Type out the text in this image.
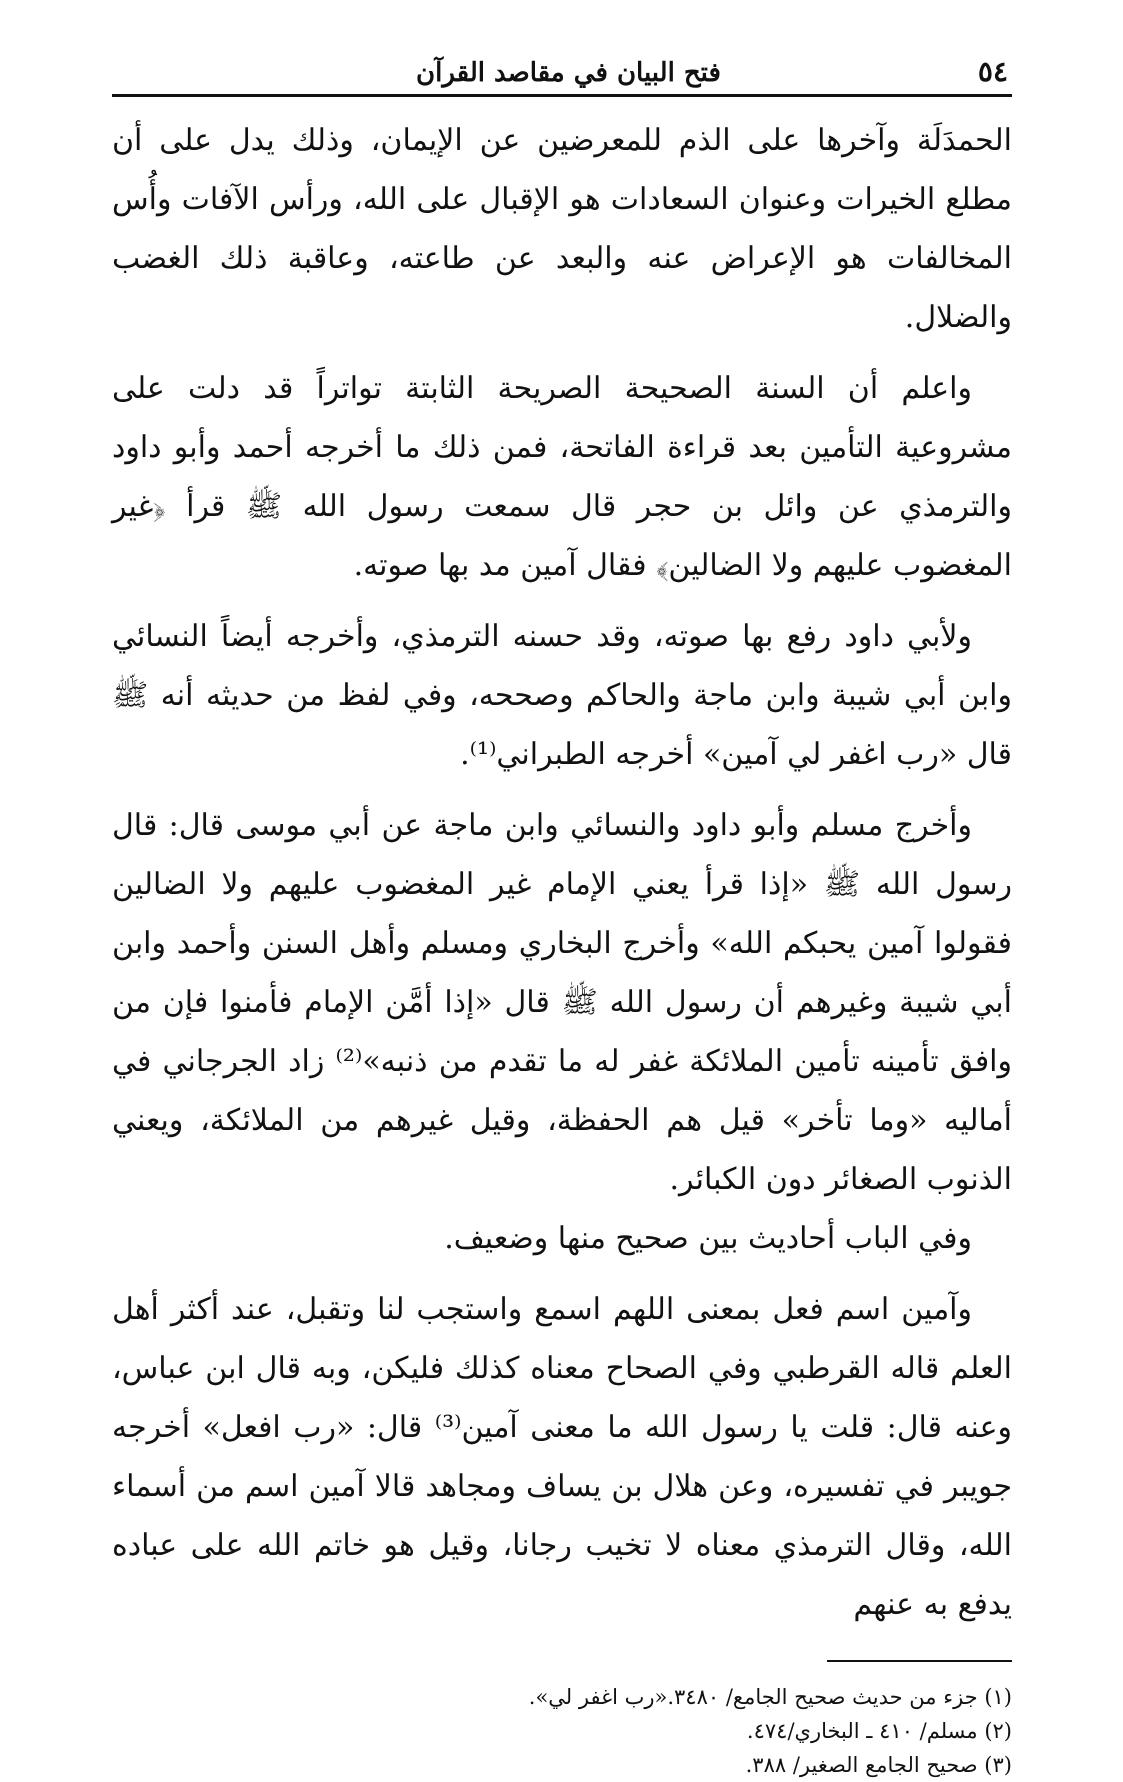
٥٤
فتح البيان في مقاصد القرآن

الحمدَلَة وآخرها على الذم للمعرضين عن الإيمان، وذلك يدل على أن مطلع الخيرات وعنوان السعادات هو الإقبال على الله، ورأس الآفات وأُس المخالفات هو الإعراض عنه والبعد عن طاعته، وعاقبة ذلك الغضب والضلال.

واعلم أن السنة الصحيحة الصريحة الثابتة تواتراً قد دلت على مشروعية التأمين بعد قراءة الفاتحة، فمن ذلك ما أخرجه أحمد وأبو داود والترمذي عن وائل بن حجر قال سمعت رسول الله ﷺ قرأ ﴿غير المغضوب عليهم ولا الضالين﴾ فقال آمين مد بها صوته.

ولأبي داود رفع بها صوته، وقد حسنه الترمذي، وأخرجه أيضاً النسائي وابن أبي شيبة وابن ماجة والحاكم وصححه، وفي لفظ من حديثه أنه ﷺ قال «رب اغفر لي آمين» أخرجه الطبراني⁽¹⁾.

وأخرج مسلم وأبو داود والنسائي وابن ماجة عن أبي موسى قال: قال رسول الله ﷺ «إذا قرأ يعني الإمام غير المغضوب عليهم ولا الضالين فقولوا آمين يحبكم الله» وأخرج البخاري ومسلم وأهل السنن وأحمد وابن أبي شيبة وغيرهم أن رسول الله ﷺ قال «إذا أمَّن الإمام فأمنوا فإن من وافق تأمينه تأمين الملائكة غفر له ما تقدم من ذنبه»⁽²⁾ زاد الجرجاني في أماليه «وما تأخر» قيل هم الحفظة، وقيل غيرهم من الملائكة، ويعني الذنوب الصغائر دون الكبائر.

وفي الباب أحاديث بين صحيح منها وضعيف.

وآمين اسم فعل بمعنى اللهم اسمع واستجب لنا وتقبل، عند أكثر أهل العلم قاله القرطبي وفي الصحاح معناه كذلك فليكن، وبه قال ابن عباس، وعنه قال: قلت يا رسول الله ما معنى آمين⁽³⁾ قال: «رب افعل» أخرجه جويبر في تفسيره، وعن هلال بن يساف ومجاهد قالا آمين اسم من أسماء الله، وقال الترمذي معناه لا تخيب رجانا، وقيل هو خاتم الله على عباده يدفع به عنهم

(١) جزء من حديث صحيح الجامع/ ٣٤٨٠.«رب اغفر لي».

(٢) مسلم/ ٤١٠ ـ البخاري/٤٧٤.

(٣) صحيح الجامع الصغير/ ٣٨٨.
